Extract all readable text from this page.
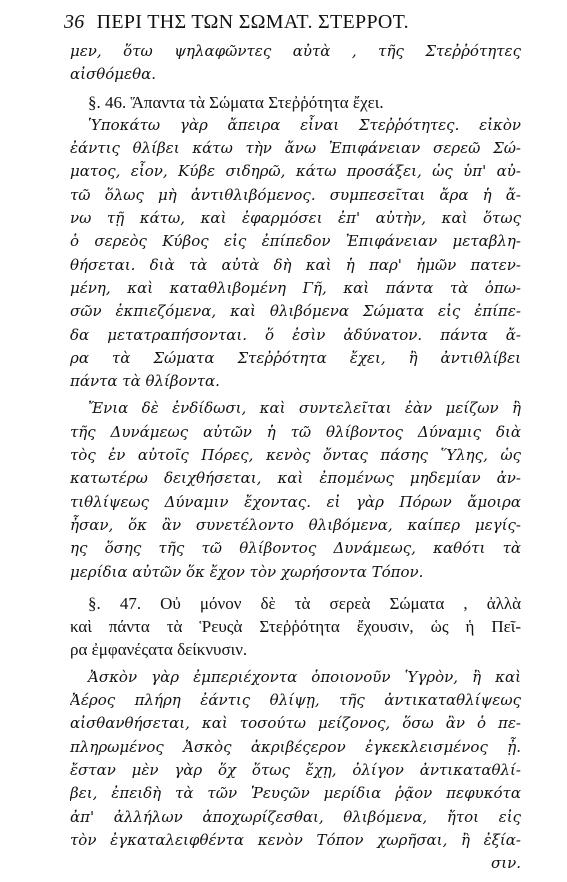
36 ΠΕΡΙ ΤΗΣ ΤΩΝ ΣΩΜΑΤ. ΣΤΕΡΡΟΤ.
μεν, ὅτω ψηλαφῶντες αὐτὰ , τῆς Στεῤῥότητες
αἰσθόμεθα.
§. 46. Ἅπαντα τὰ Σώματα Στεῤῥότητα ἔχει.
Ὑποκάτω γὰρ ἄπειρα εἶναι Στεῤῥότητες. εἰκὸν
ἐάντις θλίβει κάτω τὴν ἄνω Ἐπιφάνειαν σερεῶ Σώ-
ματος, εἶον, Κύβε σιδηρῶ, κάτω προσάξει, ὡς ὑπ' αὐ-
τῶ ὅλως μὴ ἀντιθλιβόμενος. συμπεσεῖται ἄρα ἡ ἄ-
νω τῇ κάτω, καὶ ἐφαρμόσει ἐπ' αὐτὴν, καὶ ὅτως
ὁ σερεὸς Κύβος εἰς ἐπίπεδον Ἐπιφάνειαν μεταβλη-
θήσεται. διὰ τὰ αὐτὰ δὴ καὶ ἡ παρ' ἡμῶν πατεν-
μένη, καὶ καταθλιβομένη Γῆ, καὶ πάντα τὰ ὁπω-
σῶν ἐκπιεζόμενα, καὶ θλιβόμενα Σώματα εἰς ἐπίπε-
δα μετατραπήσονται. ὅ ἐσὶν ἀδύνατον. πάντα ἄ-
ρα τὰ Σώματα Στεῤῥότητα ἔχει, ἢ ἀντιθλίβει
πάντα τὰ θλίβοντα.
Ἔνια δὲ ἐνδίδωσι, καὶ συντελεῖται ἐὰν μείζων ἢ
τῆς Δυνάμεως αὐτῶν ἡ τῶ θλίβοντος Δύναμις διὰ
τὸς ἐν αὐτοῖς Πόρες, κενὸς ὄντας πάσης Ὕλης, ὡς
κατωτέρω δειχθήσεται, καὶ ἐπομένως μηδεμίαν ἀν-
τιθλίψεως Δύναμιν ἔχοντας. εἰ γὰρ Πόρων ἄμοιρα
ἦσαν, ὅκ ἂν συνετέλοντο θλιβόμενα, καίπερ μεγίς-
ης ὅσης τῆς τῶ θλίβοντος Δυνάμεως, καθότι τὰ
μερίδια αὐτῶν ὅκ ἔχον τὸν χωρήσοντα Τόπον.
§. 47. Οὐ μόνον δὲ τὰ σερεὰ Σώματα , ἀλλὰ
καὶ πάντα τὰ Ῥευςὰ Στεῤῥότητα ἔχουσιν, ὡς ἡ Πεῖ-
ρα ἐμφανέςατα δείκνυσιν.
Ἀσκὸν γὰρ ἐμπεριέχοντα ὁποιονοῦν Ὑγρὸν, ἢ καὶ
Ἀέρος πλήρη ἐάντις θλίψῃ, τῆς ἀντικαταθλίψεως
αἰσθανθήσεται, καὶ τοσούτω μείζονος, ὅσω ἂν ὁ πε-
πληρωμένος Ἀσκὸς ἀκριβέςερον ἐγκεκλεισμένος ᾖ.
ἔσταν μὲν γὰρ ὅχ ὅτως ἔχῃ, ὀλίγον ἀντικαταθλί-
βει, ἐπειδὴ τὰ τῶν Ῥευςῶν μερίδια ῥᾷον πεφυκότα
ἀπ' ἀλλήλων ἀποχωρίζεσθαι, θλιβόμενα, ἤτοι εἰς
τὸν ἐγκαταλειφθέντα κενὸν Τόπον χωρῆσαι, ἢ ἐξία-
σιν.
